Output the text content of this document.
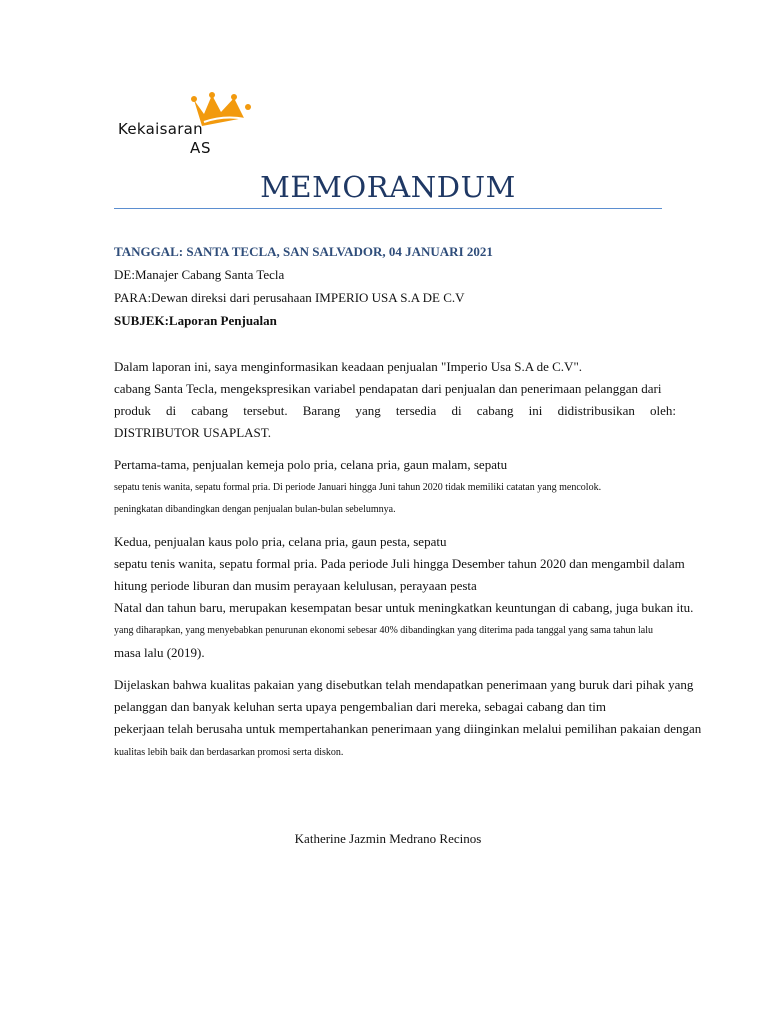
Kekaisaran
AS
MEMORANDUM
TANGGAL: SANTA TECLA, SAN SALVADOR, 04 JANUARI 2021
DE:Manajer Cabang Santa Tecla
PARA:Dewan direksi dari perusahaan IMPERIO USA S.A DE C.V
SUBJEK:Laporan Penjualan
Dalam laporan ini, saya menginformasikan keadaan penjualan "Imperio Usa S.A de C.V".
cabang Santa Tecla, mengekspresikan variabel pendapatan dari penjualan dan penerimaan pelanggan dari
produk di cabang tersebut. Barang yang tersedia di cabang ini didistribusikan oleh:
DISTRIBUTOR USAPLAST.
Pertama-tama, penjualan kemeja polo pria, celana pria, gaun malam, sepatu
sepatu tenis wanita, sepatu formal pria. Di periode Januari hingga Juni tahun 2020 tidak memiliki catatan yang mencolok.
peningkatan dibandingkan dengan penjualan bulan-bulan sebelumnya.
Kedua, penjualan kaus polo pria, celana pria, gaun pesta, sepatu
sepatu tenis wanita, sepatu formal pria. Pada periode Juli hingga Desember tahun 2020 dan mengambil dalam
hitung periode liburan dan musim perayaan kelulusan, perayaan pesta
Natal dan tahun baru, merupakan kesempatan besar untuk meningkatkan keuntungan di cabang, juga bukan itu.
yang diharapkan, yang menyebabkan penurunan ekonomi sebesar 40% dibandingkan yang diterima pada tanggal yang sama tahun lalu
masa lalu (2019).
Dijelaskan bahwa kualitas pakaian yang disebutkan telah mendapatkan penerimaan yang buruk dari pihak yang
pelanggan dan banyak keluhan serta upaya pengembalian dari mereka, sebagai cabang dan tim
pekerjaan telah berusaha untuk mempertahankan penerimaan yang diinginkan melalui pemilihan pakaian dengan
kualitas lebih baik dan berdasarkan promosi serta diskon.
Katherine Jazmin Medrano Recinos
